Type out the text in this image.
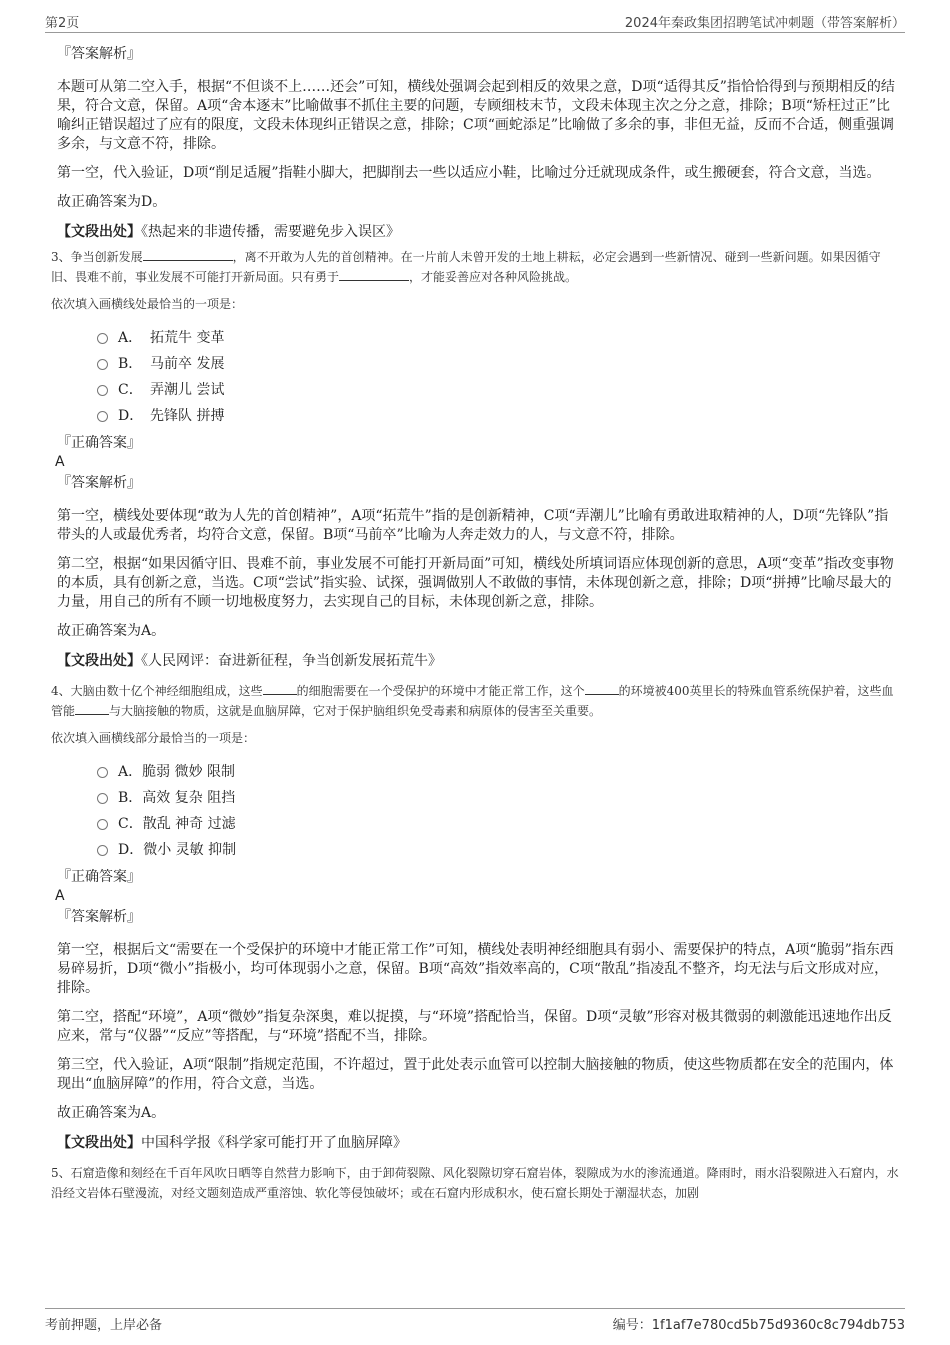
第2页	2024年秦政集团招聘笔试冲刺题（带答案解析）
『答案解析』

本题可从第二空入手，根据“不但谈不上……还会”可知，横线处强调会起到相反的效果之意，D项“适得其反”指恰恰得到与预期相反的结果，符合文意，保留。A项“舍本逐末”比喻做事不抓住主要的问题，专顾细枝末节，文段未体现主次之分之意，排除；B项“矫枉过正”比喻纠正错误超过了应有的限度，文段未体现纠正错误之意，排除；C项“画蛇添足”比喻做了多余的事，非但无益，反而不合适，侧重强调多余，与文意不符，排除。

第一空，代入验证，D项“削足适履”指鞋小脚大，把脚削去一些以适应小鞋，比喻过分迁就现成条件，或生搬硬套，符合文意，当选。

故正确答案为D。

【文段出处】《热起来的非遗传播，需要避免步入误区》

3、争当创新发展	，离不开敢为人先的首创精神。在一片前人未曾开发的土地上耕耘，必定会遇到一些新情况、碰到一些新问题。如果因循守旧、畏难不前，事业发展不可能打开新局面。只有勇于	，才能妥善应对各种风险挑战。

依次填入画横线处最恰当的一项是：

A． 拓荒牛 变革
B． 马前卒 发展
C． 弄潮儿 尝试
D． 先锋队 拼搏
『正确答案』
A
『答案解析』

第一空，横线处要体现“敢为人先的首创精神”，A项“拓荒牛”指的是创新精神，C项“弄潮儿”比喻有勇敢进取精神的人，D项“先锋队”指带头的人或最优秀者，均符合文意，保留。B项“马前卒”比喻为人奔走效力的人，与文意不符，排除。

第二空，根据“如果因循守旧、畏难不前，事业发展不可能打开新局面”可知，横线处所填词语应体现创新的意思，A项“变革”指改变事物的本质，具有创新之意，当选。C项“尝试”指实验、试探，强调做别人不敢做的事情，未体现创新之意，排除；D项“拼搏”比喻尽最大的力量，用自己的所有不顾一切地极度努力，去实现自己的目标，未体现创新之意，排除。

故正确答案为A。

【文段出处】《人民网评：奋进新征程，争当创新发展拓荒牛》

4、大脑由数十亿个神经细胞组成，这些	的细胞需要在一个受保护的环境中才能正常工作，这个	的环境被400英里长的特殊血管系统保护着，这些血管能	与大脑接触的物质，这就是血脑屏障，它对于保护脑组织免受毒素和病原体的侵害至关重要。

依次填入画横线部分最恰当的一项是：

A． 脆弱 微妙 限制
B． 高效 复杂 阻挡
C． 散乱 神奇 过滤
D． 微小 灵敏 抑制
『正确答案』
A
『答案解析』

第一空，根据后文“需要在一个受保护的环境中才能正常工作”可知，横线处表明神经细胞具有弱小、需要保护的特点，A项“脆弱”指东西易碎易折，D项“微小”指极小，均可体现弱小之意，保留。B项“高效”指效率高的，C项“散乱”指凌乱不整齐，均无法与后文形成对应，排除。

第二空，搭配“环境”，A项“微妙”指复杂深奥，难以捉摸，与“环境”搭配恰当，保留。D项“灵敏”形容对极其微弱的刺激能迅速地作出反应来，常与“仪器”“反应”等搭配，与“环境”搭配不当，排除。

第三空，代入验证，A项“限制”指规定范围，不许超过，置于此处表示血管可以控制大脑接触的物质，使这些物质都在安全的范围内，体现出“血脑屏障”的作用，符合文意，当选。

故正确答案为A。

【文段出处】中国科学报《科学家可能打开了血脑屏障》

5、石窟造像和刻经在千百年风吹日晒等自然营力影响下，由于卸荷裂隙、风化裂隙切穿石窟岩体，裂隙成为水的渗流通道。降雨时，雨水沿裂隙进入石窟内，水沿经文岩体石壁漫流，对经文题刻造成严重溶蚀、软化等侵蚀破坏；或在石窟内形成积水，使石窟长期处于潮湿状态，加剧

考前押题，上岸必备	编号：1f1af7e780cd5b75d9360c8c794db753
